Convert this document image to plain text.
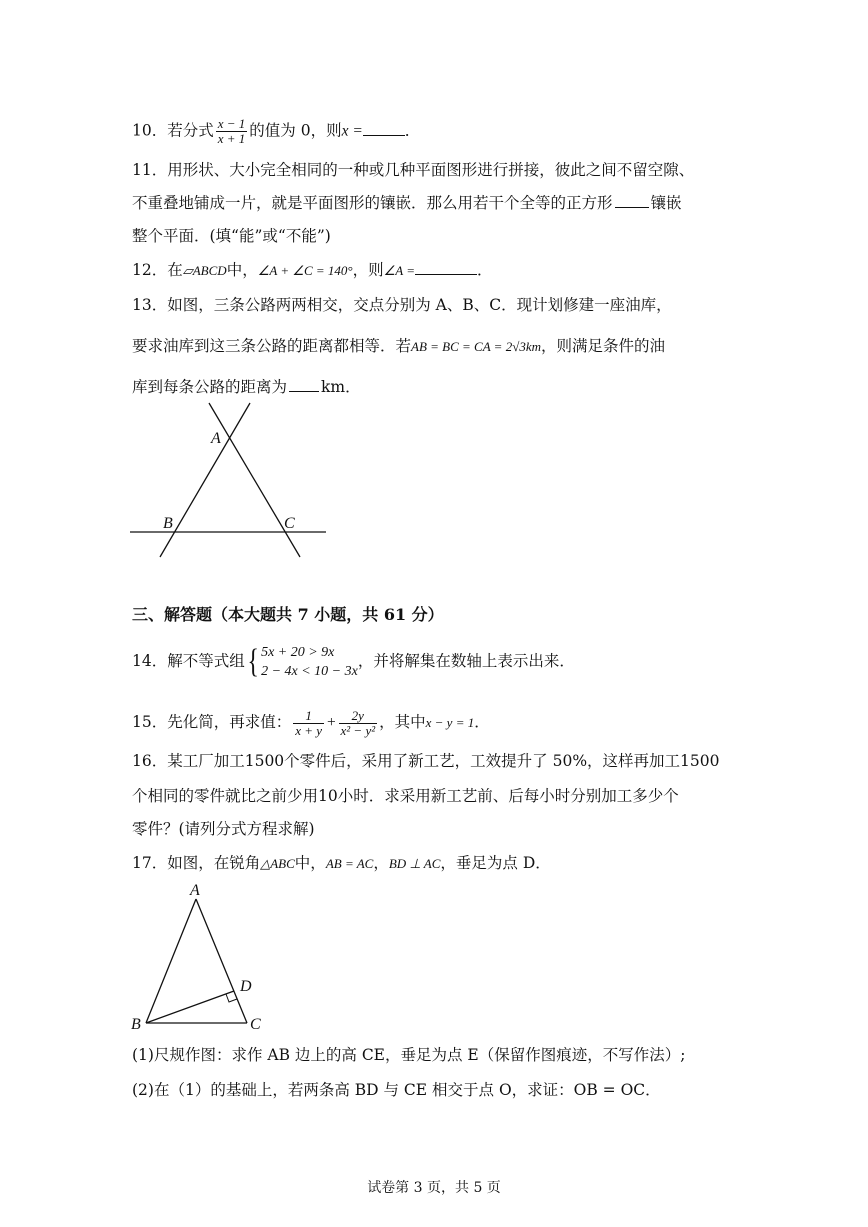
10．若分式 $\frac{x - 1}{x + 1}$ 的值为 0，则x =	．
11．用形状、大小完全相同的一种或几种平面图形进行拼接，彼此之间不留空隙、
不重叠地铺成一片，就是平面图形的镶嵌．那么用若干个全等的正方形 镶嵌
整个平面．(填“能”或“不能”)
12．在▱ABCD中，∠A + ∠C = 140°，则∠A =	．
13．如图，三条公路两两相交，交点分别为 A、B、C．现计划修建一座油库，
要求油库到这三条公路的距离都相等．若AB = BC = CA = 2√3km，则满足条件的油
库到每条公路的距离为 km．
A
B	C
三、解答题（本大题共 7 小题，共 61 分）
14．解不等式组{ 5x + 20 > 9x
2 − 4x < 10 − 3x
，并将解集在数轴上表示出来．
15．先化简，再求值： $\frac{1}{x + y} + \frac{2y}{\text{x² − y²}}$ ，其中x − y = 1．
16．某工厂加工1500个零件后，采用了新工艺，工效提升了 50%，这样再加工1500
个相同的零件就比之前少用10小时．求采用新工艺前、后每小时分别加工多少个
零件？(请列分式方程求解)
17．如图，在锐角△ABC中，AB = AC，BD ⊥ AC，垂足为点 D．
A
B	C
D
(1)尺规作图：求作 AB 边上的高 CE，垂足为点 E（保留作图痕迹，不写作法）;
(2)在（1）的基础上，若两条高 BD 与 CE 相交于点 O，求证：OB = OC．
试卷第 3 页，共 5 页
